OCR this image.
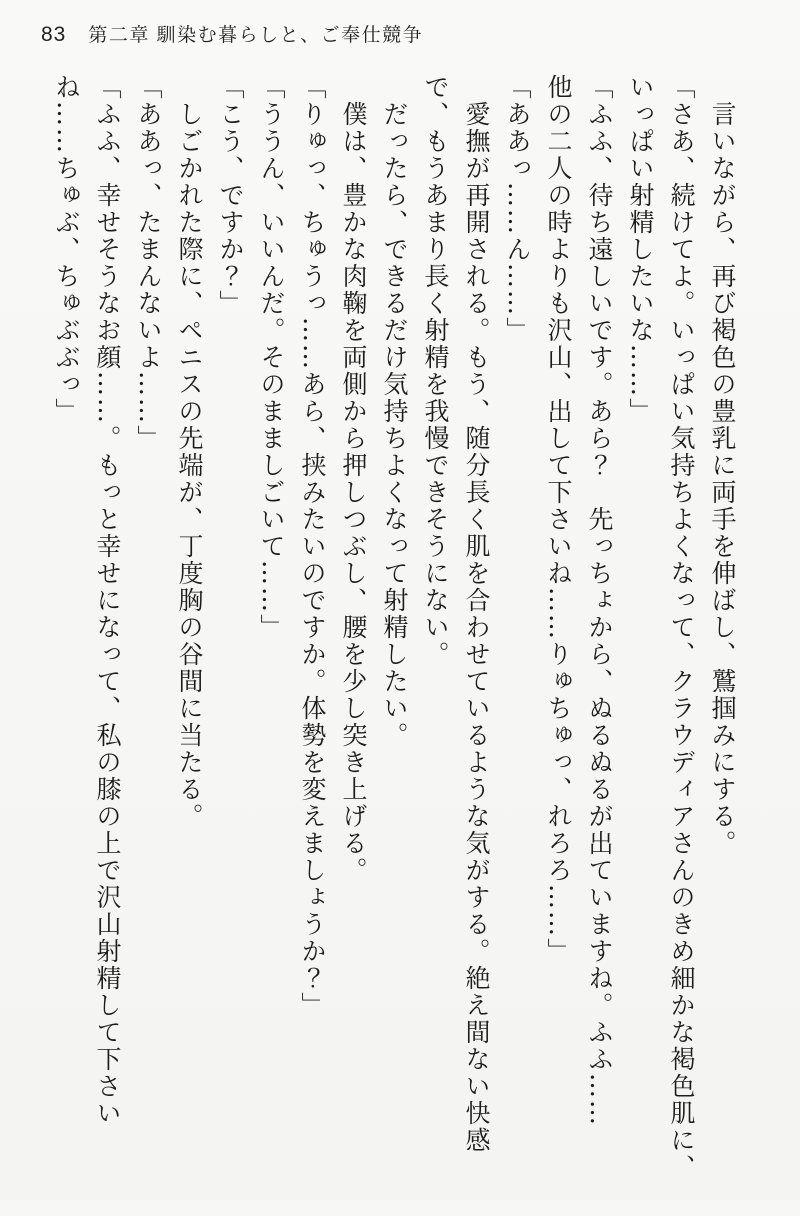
83 第二章 馴染む暮らしと、ご奉仕競争
言いながら、再び褐色の豊乳に両手を伸ばし、鷲掴みにする。
「さあ、続けてよ。いっぱい気持ちよくなって、クラウディアさんのきめ細かな褐色肌に、
いっぱい射精したいな……」
「ふふ、待ち遠しいです。あら？　先っちょから、ぬるぬるが出ていますね。ふふ……
他の二人の時よりも沢山、出して下さいね……りゅちゅっ、れろろ……」
「ああっ……ん……」
愛撫が再開される。もう、随分長く肌を合わせているような気がする。絶え間ない快感
で、もうあまり長く射精を我慢できそうにない。
だったら、できるだけ気持ちよくなって射精したい。
僕は、豊かな肉鞠を両側から押しつぶし、腰を少し突き上げる。
「りゅっ、ちゅうっ……あら、挟みたいのですか。体勢を変えましょうか？」
「ううん、いいんだ。そのまましごいて……」
「こう、ですか？」
しごかれた際に、ペニスの先端が、丁度胸の谷間に当たる。
「ああっ、たまんないよ……」
「ふふ、幸せそうなお顔……。もっと幸せになって、私の膝の上で沢山射精して下さい
ね……ちゅぶ、ちゅぶぶっ」
